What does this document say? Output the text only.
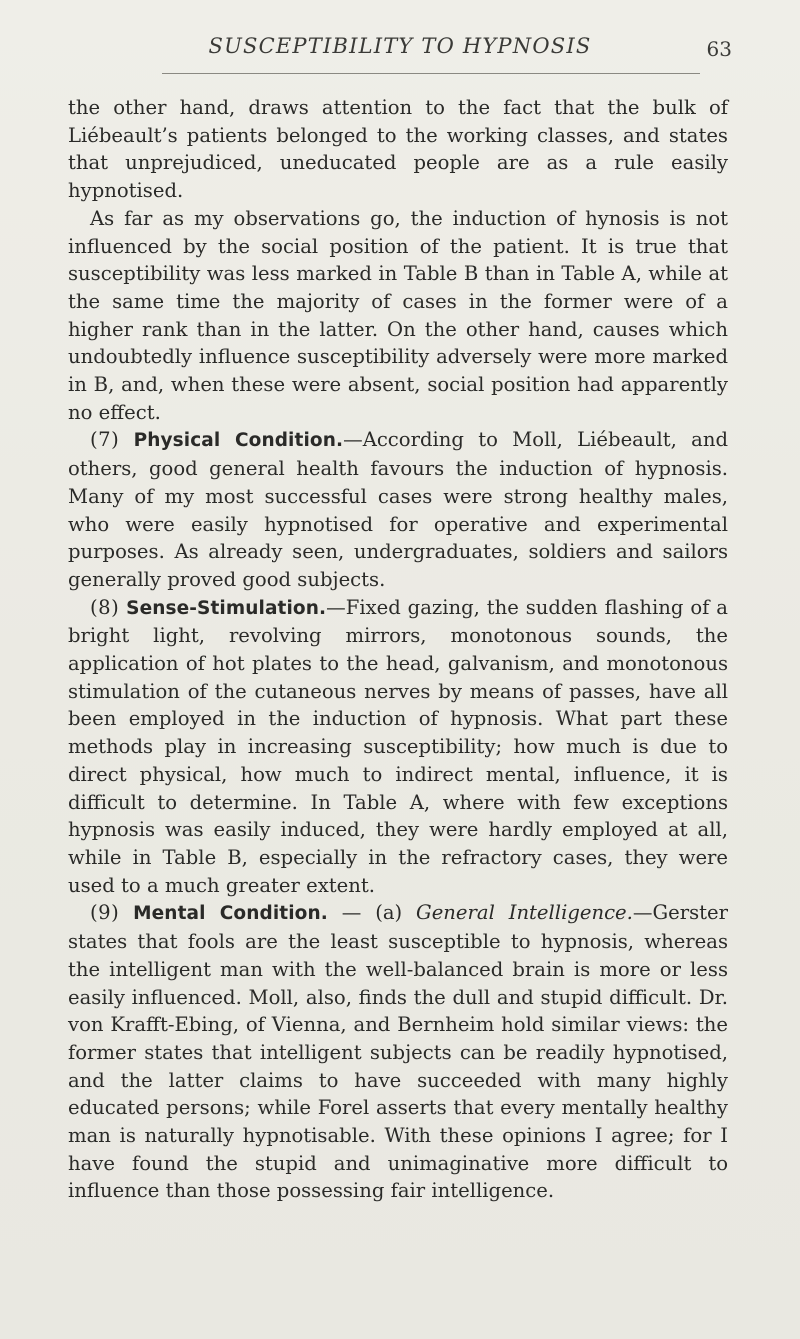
SUSCEPTIBILITY TO HYPNOSIS	63

the other hand, draws attention to the fact that the bulk of Liébeault’s patients belonged to the working classes, and states that unprejudiced, uneducated people are as a rule easily hypnotised.

As far as my observations go, the induction of hynosis is not influenced by the social position of the patient. It is true that susceptibility was less marked in Table B than in Table A, while at the same time the majority of cases in the former were of a higher rank than in the latter. On the other hand, causes which undoubtedly influence susceptibility adversely were more marked in B, and, when these were absent, social position had apparently no effect.

(7) Physical Condition.—According to Moll, Liébeault, and others, good general health favours the induction of hypnosis. Many of my most successful cases were strong healthy males, who were easily hypnotised for operative and experimental purposes. As already seen, undergraduates, soldiers and sailors generally proved good subjects.

(8) Sense-Stimulation.—Fixed gazing, the sudden flashing of a bright light, revolving mirrors, monotonous sounds, the application of hot plates to the head, galvanism, and monotonous stimulation of the cutaneous nerves by means of passes, have all been employed in the induction of hypnosis. What part these methods play in increasing susceptibility; how much is due to direct physical, how much to indirect mental, influence, it is difficult to determine. In Table A, where with few exceptions hypnosis was easily induced, they were hardly employed at all, while in Table B, especially in the refractory cases, they were used to a much greater extent.

(9) Mental Condition. — (a) General Intelligence.—Gerster states that fools are the least susceptible to hypnosis, whereas the intelligent man with the well-balanced brain is more or less easily influenced. Moll, also, finds the dull and stupid difficult. Dr. von Krafft-Ebing, of Vienna, and Bernheim hold similar views: the former states that intelligent subjects can be readily hypnotised, and the latter claims to have succeeded with many highly educated persons; while Forel asserts that every mentally healthy man is naturally hypnotisable. With these opinions I agree; for I have found the stupid and unimaginative more difficult to influence than those possessing fair intelligence.
